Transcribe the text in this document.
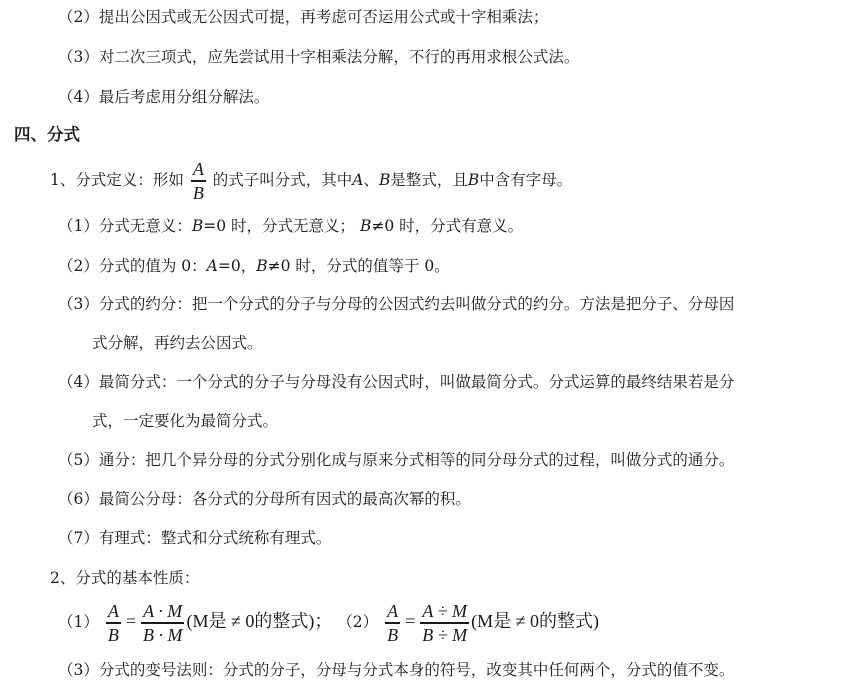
（2）提出公因式或无公因式可提，再考虑可否运用公式或十字相乘法；
（3）对二次三项式，应先尝试用十字相乘法分解，不行的再用求根公式法。
（4）最后考虑用分组分解法。
四、分式
1、分式定义：形如 $\frac{A}{B}$ 的式子叫分式，其中A、B是整式，且B中含有字母。
（1）分式无意义：B=0 时，分式无意义； B≠0 时，分式有意义。
（2）分式的值为 0：A=0，B≠0 时，分式的值等于 0。
（3）分式的约分：把一个分式的分子与分母的公因式约去叫做分式的约分。方法是把分子、分母因
式分解，再约去公因式。
（4）最简分式：一个分式的分子与分母没有公因式时，叫做最简分式。分式运算的最终结果若是分
式，一定要化为最简分式。
（5）通分：把几个异分母的分式分别化成与原来分式相等的同分母分式的过程，叫做分式的通分。
（6）最简公分母：各分式的分母所有因式的最高次幂的积。
（7）有理式：整式和分式统称有理式。
2、分式的基本性质：
$(1) \frac{A}{B} = \frac{A \cdot M}{B \cdot M} (M$是 ≠ 0的整式)； $(2) \frac{A}{B} = \frac{A \div M}{B \div M} (M$是 ≠ 0的整式)
（3）分式的变号法则：分式的分子，分母与分式本身的符号，改变其中任何两个，分式的值不变。
